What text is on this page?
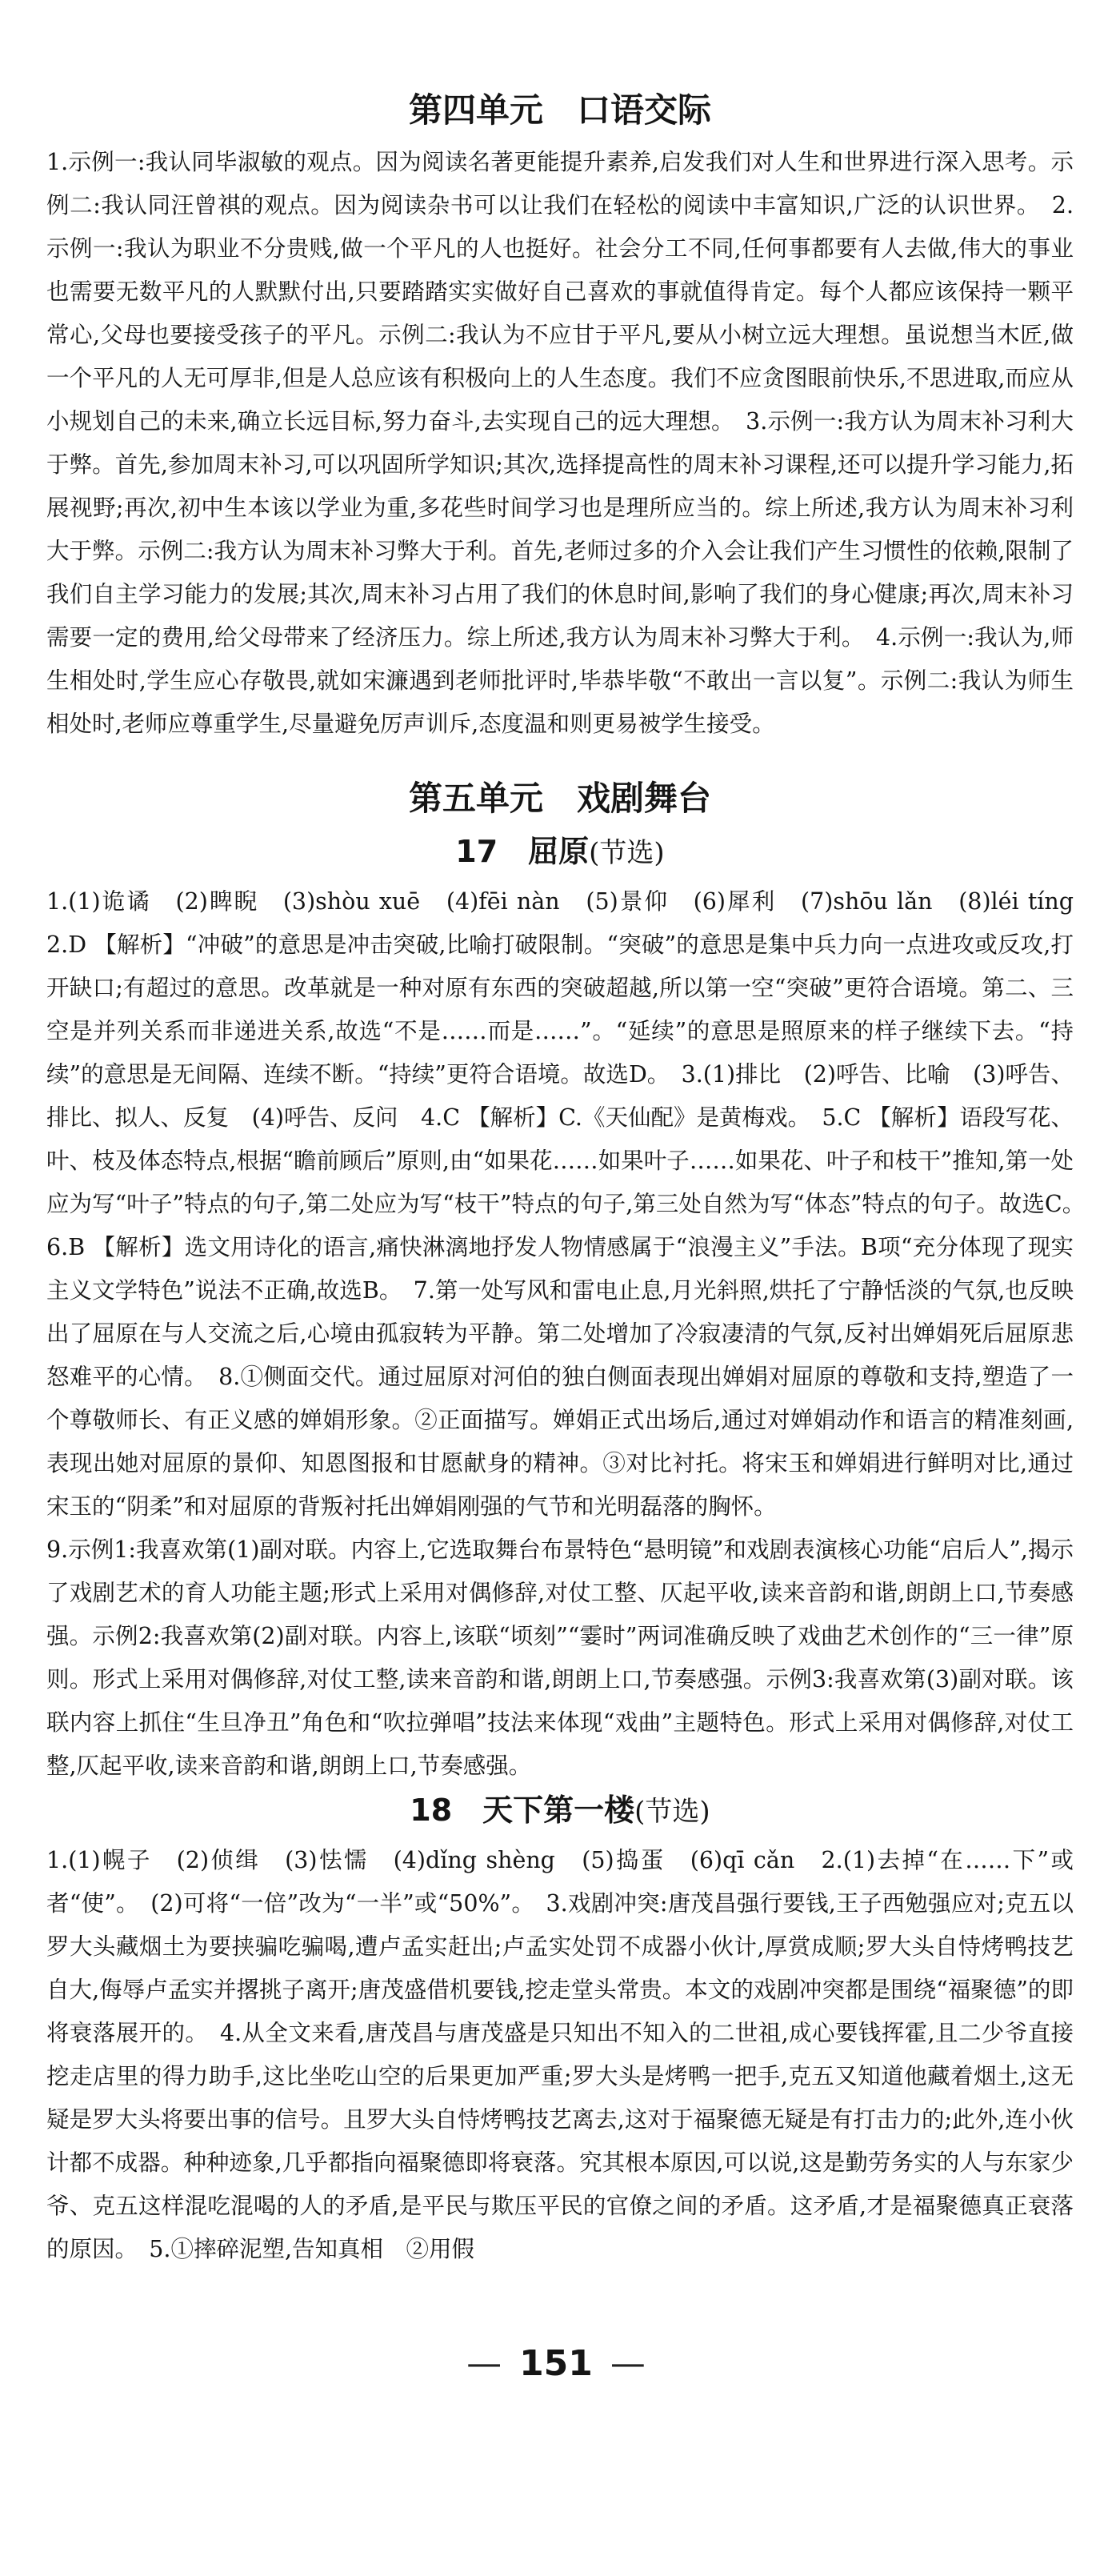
第四单元　口语交际

1.示例一:我认同毕淑敏的观点。因为阅读名著更能提升素养,启发我们对人生和世界进行深入思考。示例二:我认同汪曾祺的观点。因为阅读杂书可以让我们在轻松的阅读中丰富知识,广泛的认识世界。　2.示例一:我认为职业不分贵贱,做一个平凡的人也挺好。社会分工不同,任何事都要有人去做,伟大的事业也需要无数平凡的人默默付出,只要踏踏实实做好自己喜欢的事就值得肯定。每个人都应该保持一颗平常心,父母也要接受孩子的平凡。示例二:我认为不应甘于平凡,要从小树立远大理想。虽说想当木匠,做一个平凡的人无可厚非,但是人总应该有积极向上的人生态度。我们不应贪图眼前快乐,不思进取,而应从小规划自己的未来,确立长远目标,努力奋斗,去实现自己的远大理想。　3.示例一:我方认为周末补习利大于弊。首先,参加周末补习,可以巩固所学知识;其次,选择提高性的周末补习课程,还可以提升学习能力,拓展视野;再次,初中生本该以学业为重,多花些时间学习也是理所应当的。综上所述,我方认为周末补习利大于弊。示例二:我方认为周末补习弊大于利。首先,老师过多的介入会让我们产生习惯性的依赖,限制了我们自主学习能力的发展;其次,周末补习占用了我们的休息时间,影响了我们的身心健康;再次,周末补习需要一定的费用,给父母带来了经济压力。综上所述,我方认为周末补习弊大于利。　4.示例一:我认为,师生相处时,学生应心存敬畏,就如宋濂遇到老师批评时,毕恭毕敬“不敢出一言以复”。示例二:我认为师生相处时,老师应尊重学生,尽量避免厉声训斥,态度温和则更易被学生接受。

第五单元　戏剧舞台
17　屈原(节选)

1.(1)诡谲　(2)睥睨　(3)shòu xuē　(4)fēi nàn　(5)景仰　(6)犀利　(7)shōu lǎn　(8)léi tíng　2.D 【解析】“冲破”的意思是冲击突破,比喻打破限制。“突破”的意思是集中兵力向一点进攻或反攻,打开缺口;有超过的意思。改革就是一种对原有东西的突破超越,所以第一空“突破”更符合语境。第二、三空是并列关系而非递进关系,故选“不是……而是……”。“延续”的意思是照原来的样子继续下去。“持续”的意思是无间隔、连续不断。“持续”更符合语境。故选D。　3.(1)排比　(2)呼告、比喻　(3)呼告、排比、拟人、反复　(4)呼告、反问　4.C 【解析】C.《天仙配》是黄梅戏。　5.C 【解析】语段写花、叶、枝及体态特点,根据“瞻前顾后”原则,由“如果花……如果叶子……如果花、叶子和枝干”推知,第一处应为写“叶子”特点的句子,第二处应为写“枝干”特点的句子,第三处自然为写“体态”特点的句子。故选C。　6.B 【解析】选文用诗化的语言,痛快淋漓地抒发人物情感属于“浪漫主义”手法。B项“充分体现了现实主义文学特色”说法不正确,故选B。　7.第一处写风和雷电止息,月光斜照,烘托了宁静恬淡的气氛,也反映出了屈原在与人交流之后,心境由孤寂转为平静。第二处增加了冷寂凄清的气氛,反衬出婵娟死后屈原悲怒难平的心情。　8.①侧面交代。通过屈原对河伯的独白侧面表现出婵娟对屈原的尊敬和支持,塑造了一个尊敬师长、有正义感的婵娟形象。②正面描写。婵娟正式出场后,通过对婵娟动作和语言的精准刻画,表现出她对屈原的景仰、知恩图报和甘愿献身的精神。③对比衬托。将宋玉和婵娟进行鲜明对比,通过宋玉的“阴柔”和对屈原的背叛衬托出婵娟刚强的气节和光明磊落的胸怀。

9.示例1:我喜欢第(1)副对联。内容上,它选取舞台布景特色“悬明镜”和戏剧表演核心功能“启后人”,揭示了戏剧艺术的育人功能主题;形式上采用对偶修辞,对仗工整、仄起平收,读来音韵和谐,朗朗上口,节奏感强。示例2:我喜欢第(2)副对联。内容上,该联“顷刻”“霎时”两词准确反映了戏曲艺术创作的“三一律”原则。形式上采用对偶修辞,对仗工整,读来音韵和谐,朗朗上口,节奏感强。示例3:我喜欢第(3)副对联。该联内容上抓住“生旦净丑”角色和“吹拉弹唱”技法来体现“戏曲”主题特色。形式上采用对偶修辞,对仗工整,仄起平收,读来音韵和谐,朗朗上口,节奏感强。

18　天下第一楼(节选)

1.(1)幌子　(2)侦缉　(3)怯懦　(4)dǐng shèng　(5)捣蛋　(6)qī cǎn　2.(1)去掉“在……下”或者“使”。　(2)可将“一倍”改为“一半”或“50%”。　3.戏剧冲突:唐茂昌强行要钱,王子西勉强应对;克五以罗大头藏烟土为要挟骗吃骗喝,遭卢孟实赶出;卢孟实处罚不成器小伙计,厚赏成顺;罗大头自恃烤鸭技艺自大,侮辱卢孟实并撂挑子离开;唐茂盛借机要钱,挖走堂头常贵。本文的戏剧冲突都是围绕“福聚德”的即将衰落展开的。　4.从全文来看,唐茂昌与唐茂盛是只知出不知入的二世祖,成心要钱挥霍,且二少爷直接挖走店里的得力助手,这比坐吃山空的后果更加严重;罗大头是烤鸭一把手,克五又知道他藏着烟土,这无疑是罗大头将要出事的信号。且罗大头自恃烤鸭技艺离去,这对于福聚德无疑是有打击力的;此外,连小伙计都不成器。种种迹象,几乎都指向福聚德即将衰落。究其根本原因,可以说,这是勤劳务实的人与东家少爷、克五这样混吃混喝的人的矛盾,是平民与欺压平民的官僚之间的矛盾。这矛盾,才是福聚德真正衰落的原因。　5.①摔碎泥塑,告知真相　②用假

— 151 —
